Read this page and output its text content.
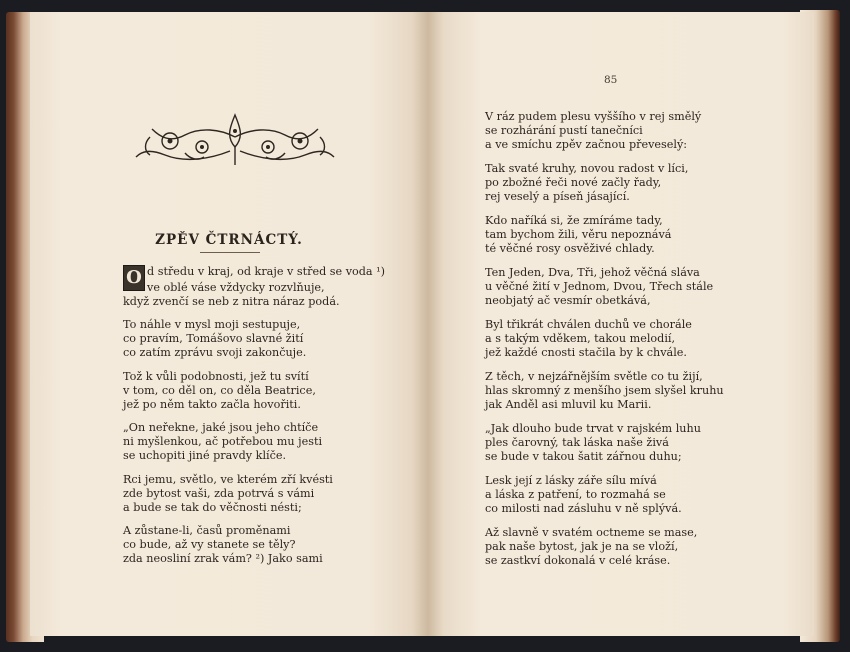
ZPĚV ČTRNÁCTÝ.
O d středu v kraj, od kraje v střed se voda ¹)
ve oblé váse vždycky rozvlňuje,
když zvenčí se neb z nitra náraz podá.
To náhle v mysl moji sestupuje,
co pravím, Tomášovo slavné žití
co zatím zprávu svoji zakončuje.
Tož k vůli podobnosti, jež tu svítí
v tom, co děl on, co děla Beatrice,
jež po něm takto začla hovořiti.
„On neřekne, jaké jsou jeho chtíče
ni myšlenkou, ač potřebou mu jesti
se uchopiti jiné pravdy klíče.
Rci jemu, světlo, ve kterém zří kvésti
zde bytost vaši, zda potrvá s vámi
a bude se tak do věčnosti nésti;
A zůstane-li, časů proměnami
co bude, až vy stanete se těly?
zda neosliní zrak vám? ²) Jako sami
85
V ráz pudem plesu vyššího v rej smělý
se rozhárání pustí tanečníci
a ve smíchu zpěv začnou převeselý:
Tak svaté kruhy, novou radost v líci,
po zbožné řeči nové začly řady,
rej veselý a píseň jásající.
Kdo naříká si, že zmíráme tady,
tam bychom žili, věru nepoznává
té věčné rosy osvěživé chlady.
Ten Jeden, Dva, Tři, jehož věčná sláva
u věčné žití v Jednom, Dvou, Třech stále
neobjatý ač vesmír obetkává,
Byl třikrát chválen duchů ve chorále
a s takým vděkem, takou melodií,
jež každé cnosti stačila by k chvále.
Z těch, v nejzářnějším světle co tu žijí,
hlas skromný z menšího jsem slyšel kruhu
jak Anděl asi mluvil ku Marii.
„Jak dlouho bude trvat v rajském luhu
ples čarovný, tak láska naše živá
se bude v takou šatit zářnou duhu;
Lesk její z lásky záře sílu mívá
a láska z patření, to rozmahá se
co milosti nad zásluhu v ně splývá.
Až slavně v svatém octneme se mase,
pak naše bytost, jak je na se vloží,
se zastkví dokonalá v celé kráse.
